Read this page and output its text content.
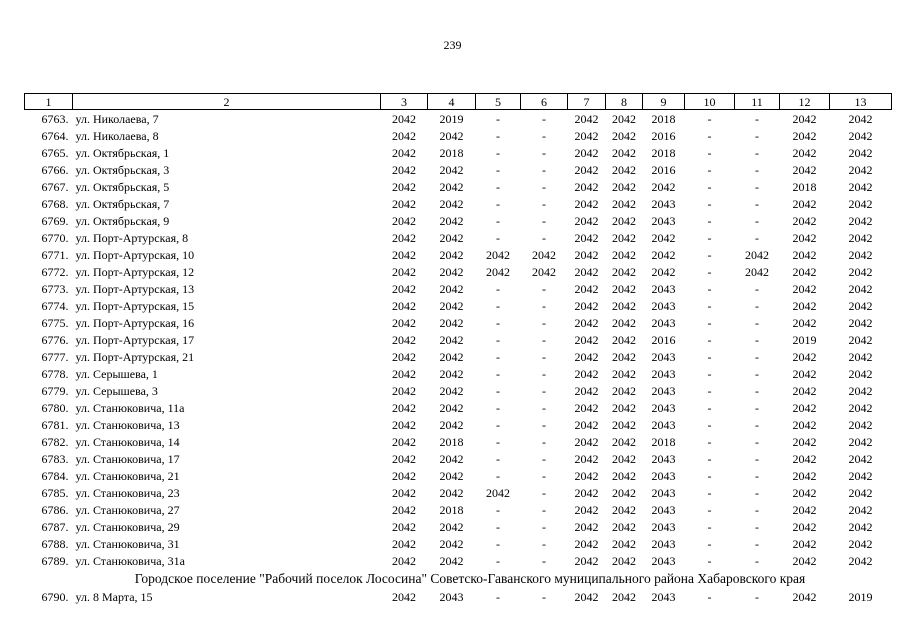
239
1	2	3	4	5	6	7	8	9	10	11	12	13
6763.	ул. Николаева, 7	2042	2019	-	-	2042	2042	2018	-	-	2042	2042
6764.	ул. Николаева, 8	2042	2042	-	-	2042	2042	2016	-	-	2042	2042
6765.	ул. Октябрьская, 1	2042	2018	-	-	2042	2042	2018	-	-	2042	2042
6766.	ул. Октябрьская, 3	2042	2042	-	-	2042	2042	2016	-	-	2042	2042
6767.	ул. Октябрьская, 5	2042	2042	-	-	2042	2042	2042	-	-	2018	2042
6768.	ул. Октябрьская, 7	2042	2042	-	-	2042	2042	2043	-	-	2042	2042
6769.	ул. Октябрьская, 9	2042	2042	-	-	2042	2042	2043	-	-	2042	2042
6770.	ул. Порт-Артурская, 8	2042	2042	-	-	2042	2042	2042	-	-	2042	2042
6771.	ул. Порт-Артурская, 10	2042	2042	2042	2042	2042	2042	2042	-	2042	2042	2042
6772.	ул. Порт-Артурская, 12	2042	2042	2042	2042	2042	2042	2042	-	2042	2042	2042
6773.	ул. Порт-Артурская, 13	2042	2042	-	-	2042	2042	2043	-	-	2042	2042
6774.	ул. Порт-Артурская, 15	2042	2042	-	-	2042	2042	2043	-	-	2042	2042
6775.	ул. Порт-Артурская, 16	2042	2042	-	-	2042	2042	2043	-	-	2042	2042
6776.	ул. Порт-Артурская, 17	2042	2042	-	-	2042	2042	2016	-	-	2019	2042
6777.	ул. Порт-Артурская, 21	2042	2042	-	-	2042	2042	2043	-	-	2042	2042
6778.	ул. Серышева, 1	2042	2042	-	-	2042	2042	2043	-	-	2042	2042
6779.	ул. Серышева, 3	2042	2042	-	-	2042	2042	2043	-	-	2042	2042
6780.	ул. Станюковича, 11а	2042	2042	-	-	2042	2042	2043	-	-	2042	2042
6781.	ул. Станюковича, 13	2042	2042	-	-	2042	2042	2043	-	-	2042	2042
6782.	ул. Станюковича, 14	2042	2018	-	-	2042	2042	2018	-	-	2042	2042
6783.	ул. Станюковича, 17	2042	2042	-	-	2042	2042	2043	-	-	2042	2042
6784.	ул. Станюковича, 21	2042	2042	-	-	2042	2042	2043	-	-	2042	2042
6785.	ул. Станюковича, 23	2042	2042	2042	-	2042	2042	2043	-	-	2042	2042
6786.	ул. Станюковича, 27	2042	2018	-	-	2042	2042	2043	-	-	2042	2042
6787.	ул. Станюковича, 29	2042	2042	-	-	2042	2042	2043	-	-	2042	2042
6788.	ул. Станюковича, 31	2042	2042	-	-	2042	2042	2043	-	-	2042	2042
6789.	ул. Станюковича, 31а	2042	2042	-	-	2042	2042	2043	-	-	2042	2042
Городское поселение "Рабочий поселок Лососина" Советско-Гаванского муниципального района Хабаровского края												
6790.	ул. 8 Марта, 15	2042	2043	-	-	2042	2042	2043	-	-	2042	2019
